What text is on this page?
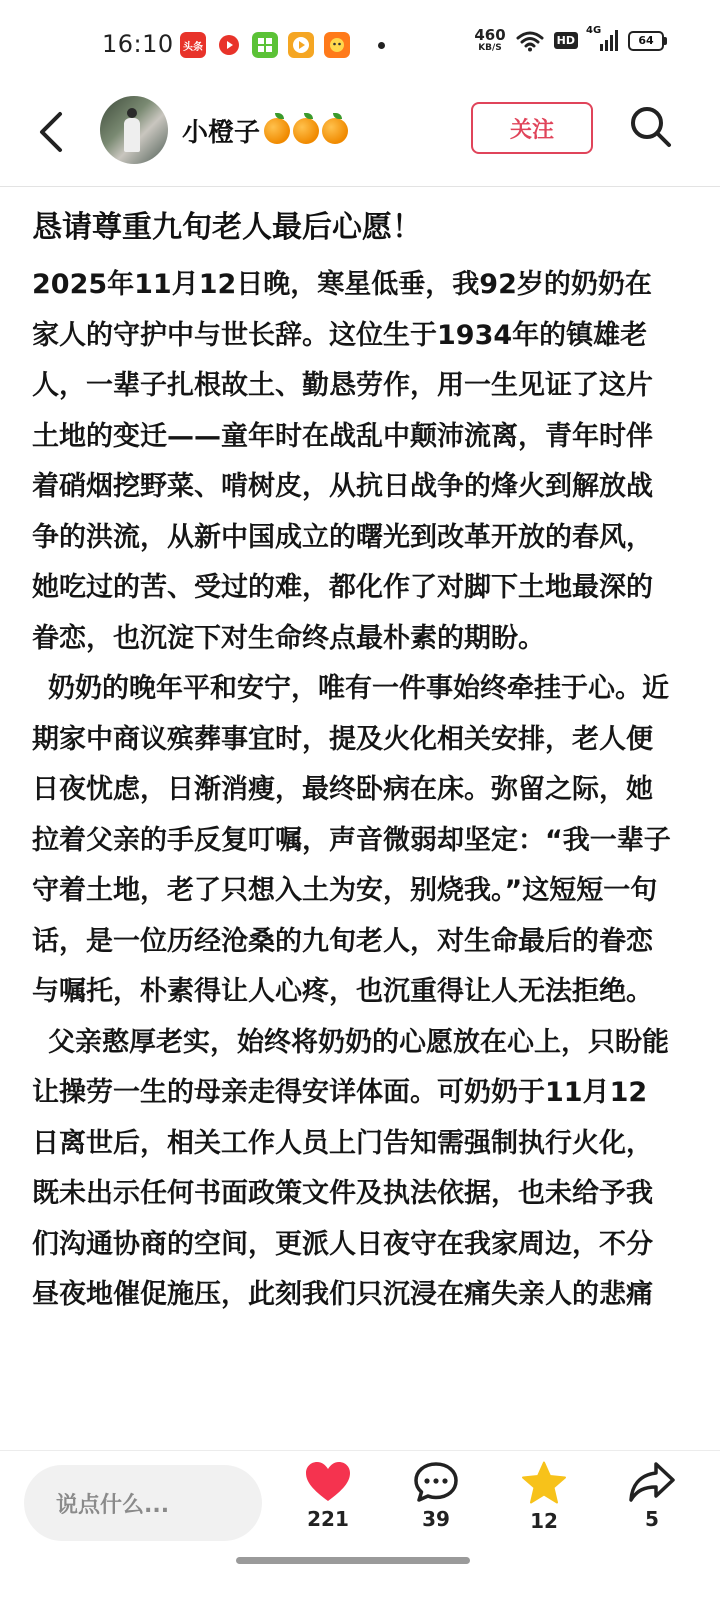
16:10 头条
460
KB/S
HD
4G
64
小橙子	关注
恳请尊重九旬老人最后心愿！

2025年11月12日晚，寒星低垂，我92岁的奶奶在家人的守护中与世长辞。这位生于1934年的镇雄老人，一辈子扎根故土、勤恳劳作，用一生见证了这片土地的变迁——童年时在战乱中颠沛流离，青年时伴着硝烟挖野菜、啃树皮，从抗日战争的烽火到解放战争的洪流，从新中国成立的曙光到改革开放的春风，她吃过的苦、受过的难，都化作了对脚下土地最深的眷恋，也沉淀下对生命终点最朴素的期盼。

奶奶的晚年平和安宁，唯有一件事始终牵挂于心。近期家中商议殡葬事宜时，提及火化相关安排，老人便日夜忧虑，日渐消瘦，最终卧病在床。弥留之际，她拉着父亲的手反复叮嘱，声音微弱却坚定：“我一辈子守着土地，老了只想入土为安，别烧我。”这短短一句话，是一位历经沧桑的九旬老人，对生命最后的眷恋与嘱托，朴素得让人心疼，也沉重得让人无法拒绝。

父亲憨厚老实，始终将奶奶的心愿放在心上，只盼能让操劳一生的母亲走得安详体面。可奶奶于11月12日离世后，相关工作人员上门告知需强制执行火化，既未出示任何书面政策文件及执法依据，也未给予我们沟通协商的空间，更派人日夜守在我家周边，不分昼夜地催促施压，此刻我们只沉浸在痛失亲人的悲痛

说点什么...
221	39	12	5
